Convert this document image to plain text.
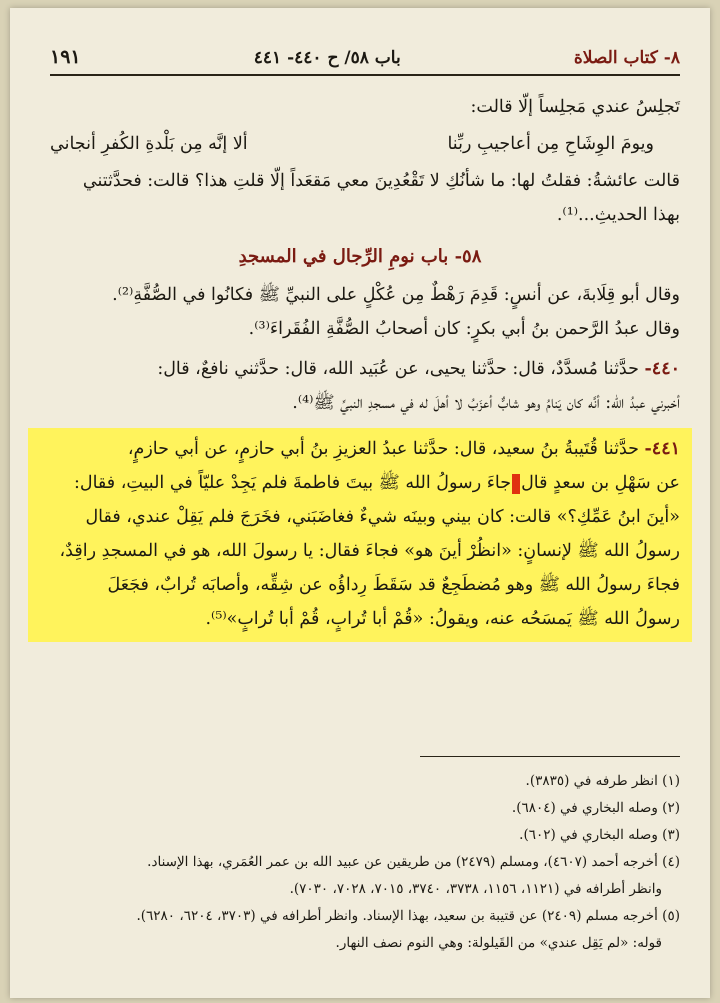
٨- كتاب الصلاة
باب ٥٨/ ح ٤٤٠- ٤٤١
١٩١

تَجلِسُ عندي مَجلِساً إلّا قالت:

ويومَ الوِشَاحِ مِن أعاجيبِ ربِّنا
ألا إنَّه مِن بَلْدةِ الكُفرِ أنجاني

قالت عائشةُ: فقلتُ لها: ما شأنُكِ لا تَقْعُدِينَ معي مَقعَداً إلّا قلتِ هذا؟ قالت: فحدَّثتني

بهذا الحديثِ...⁽¹⁾.

٥٨- باب نومِ الرِّجال في المسجدِ

وقال أبو قِلَابةَ، عن أنسٍ: قَدِمَ رَهْطٌ مِن عُكْلٍ على النبيِّ ﷺ فكانُوا في الصُّفَّةِ⁽²⁾.

وقال عبدُ الرَّحمن بنُ أبي بكرٍ: كان أصحابُ الصُّفَّةِ الفُقَراءَ⁽³⁾.

٤٤٠- حدَّثنا مُسدَّدٌ، قال: حدَّثنا يحيى، عن عُبَيد الله، قال: حدَّثني نافعٌ، قال:

أخبرني عبدُ الله: أنَّه كان يَنامُ وهو شابٌّ أعزَبُ لا أهلَ له في مسجدِ النبيِّ ﷺ⁽⁴⁾.

٤٤١- حدَّثنا قُتَيبةُ بنُ سعيد، قال: حدَّثنا عبدُ العزيزِ بنُ أبي حازمٍ، عن أبي حازمٍ،

عن سَهْلِ بن سعدٍ قالجاءَ رسولُ الله ﷺ بيتَ فاطمةَ فلم يَجِدْ عليّاً في البيتِ، فقال:

«أينَ ابنُ عَمِّكِ؟» قالت: كان بيني وبينَه شيءٌ فغاضَبَني، فخَرَجَ فلم يَقِلْ عندي، فقال

رسولُ الله ﷺ لإنسانٍ: «انظُرْ أينَ هو» فجاءَ فقال: يا رسولَ الله، هو في المسجدِ راقِدٌ،

فجاءَ رسولُ الله ﷺ وهو مُضطَجِعٌ قد سَقَطَ رِداؤُه عن شِقِّه، وأصابَه تُرابٌ، فجَعَلَ

رسولُ الله ﷺ يَمسَحُه عنه، ويقولُ: «قُمْ أبا تُرابٍ، قُمْ أبا تُرابٍ»⁽⁵⁾.

(١) انظر طرفه في (٣٨٣٥).

(٢) وصله البخاري في (٦٨٠٤).

(٣) وصله البخاري في (٦٠٢).

(٤) أخرجه أحمد (٤٦٠٧)، ومسلم (٢٤٧٩) من طريقين عن عبيد الله بن عمر العُمَري، بهذا الإسناد.

وانظر أطرافه في (١١٢١، ١١٥٦، ٣٧٣٨، ٣٧٤٠، ٧٠١٥، ٧٠٢٨، ٧٠٣٠).

(٥) أخرجه مسلم (٢٤٠٩) عن قتيبة بن سعيد، بهذا الإسناد. وانظر أطرافه في (٣٧٠٣، ٦٢٠٤، ٦٢٨٠).

قوله: «لم يَقِل عندي» من القَيلولة: وهي النوم نصف النهار.
